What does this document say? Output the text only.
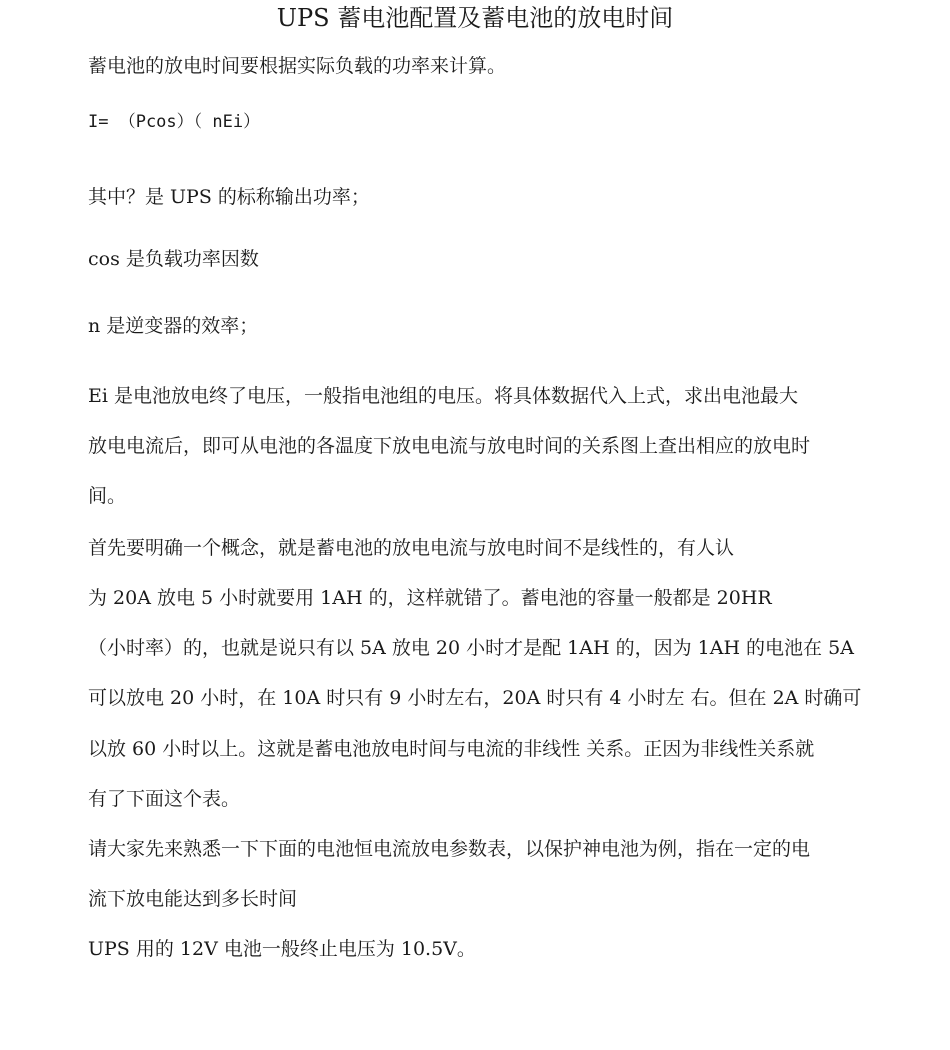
UPS 蓄电池配置及蓄电池的放电时间
蓄电池的放电时间要根据实际负载的功率来计算。
I= （Pcos）（ nEi）
其中？是 UPS 的标称输出功率；
cos 是负载功率因数
n 是逆变器的效率；
Ei 是电池放电终了电压，一般指电池组的电压。将具体数据代入上式，求出电池最大
放电电流后，即可从电池的各温度下放电电流与放电时间的关系图上查出相应的放电时
间。
首先要明确一个概念，就是蓄电池的放电电流与放电时间不是线性的，有人认
为 20A 放电 5 小时就要用 1AH 的，这样就错了。蓄电池的容量一般都是 20HR
（小时率）的，也就是说只有以 5A 放电 20 小时才是配 1AH 的，因为 1AH 的电池在 5A
可以放电 20 小时，在 10A 时只有 9 小时左右，20A 时只有 4 小时左 右。但在 2A 时确可
以放 60 小时以上。这就是蓄电池放电时间与电流的非线性 关系。正因为非线性关系就
有了下面这个表。
请大家先来熟悉一下下面的电池恒电流放电参数表，以保护神电池为例，指在一定的电
流下放电能达到多长时间
UPS 用的 12V 电池一般终止电压为 10.5V。
